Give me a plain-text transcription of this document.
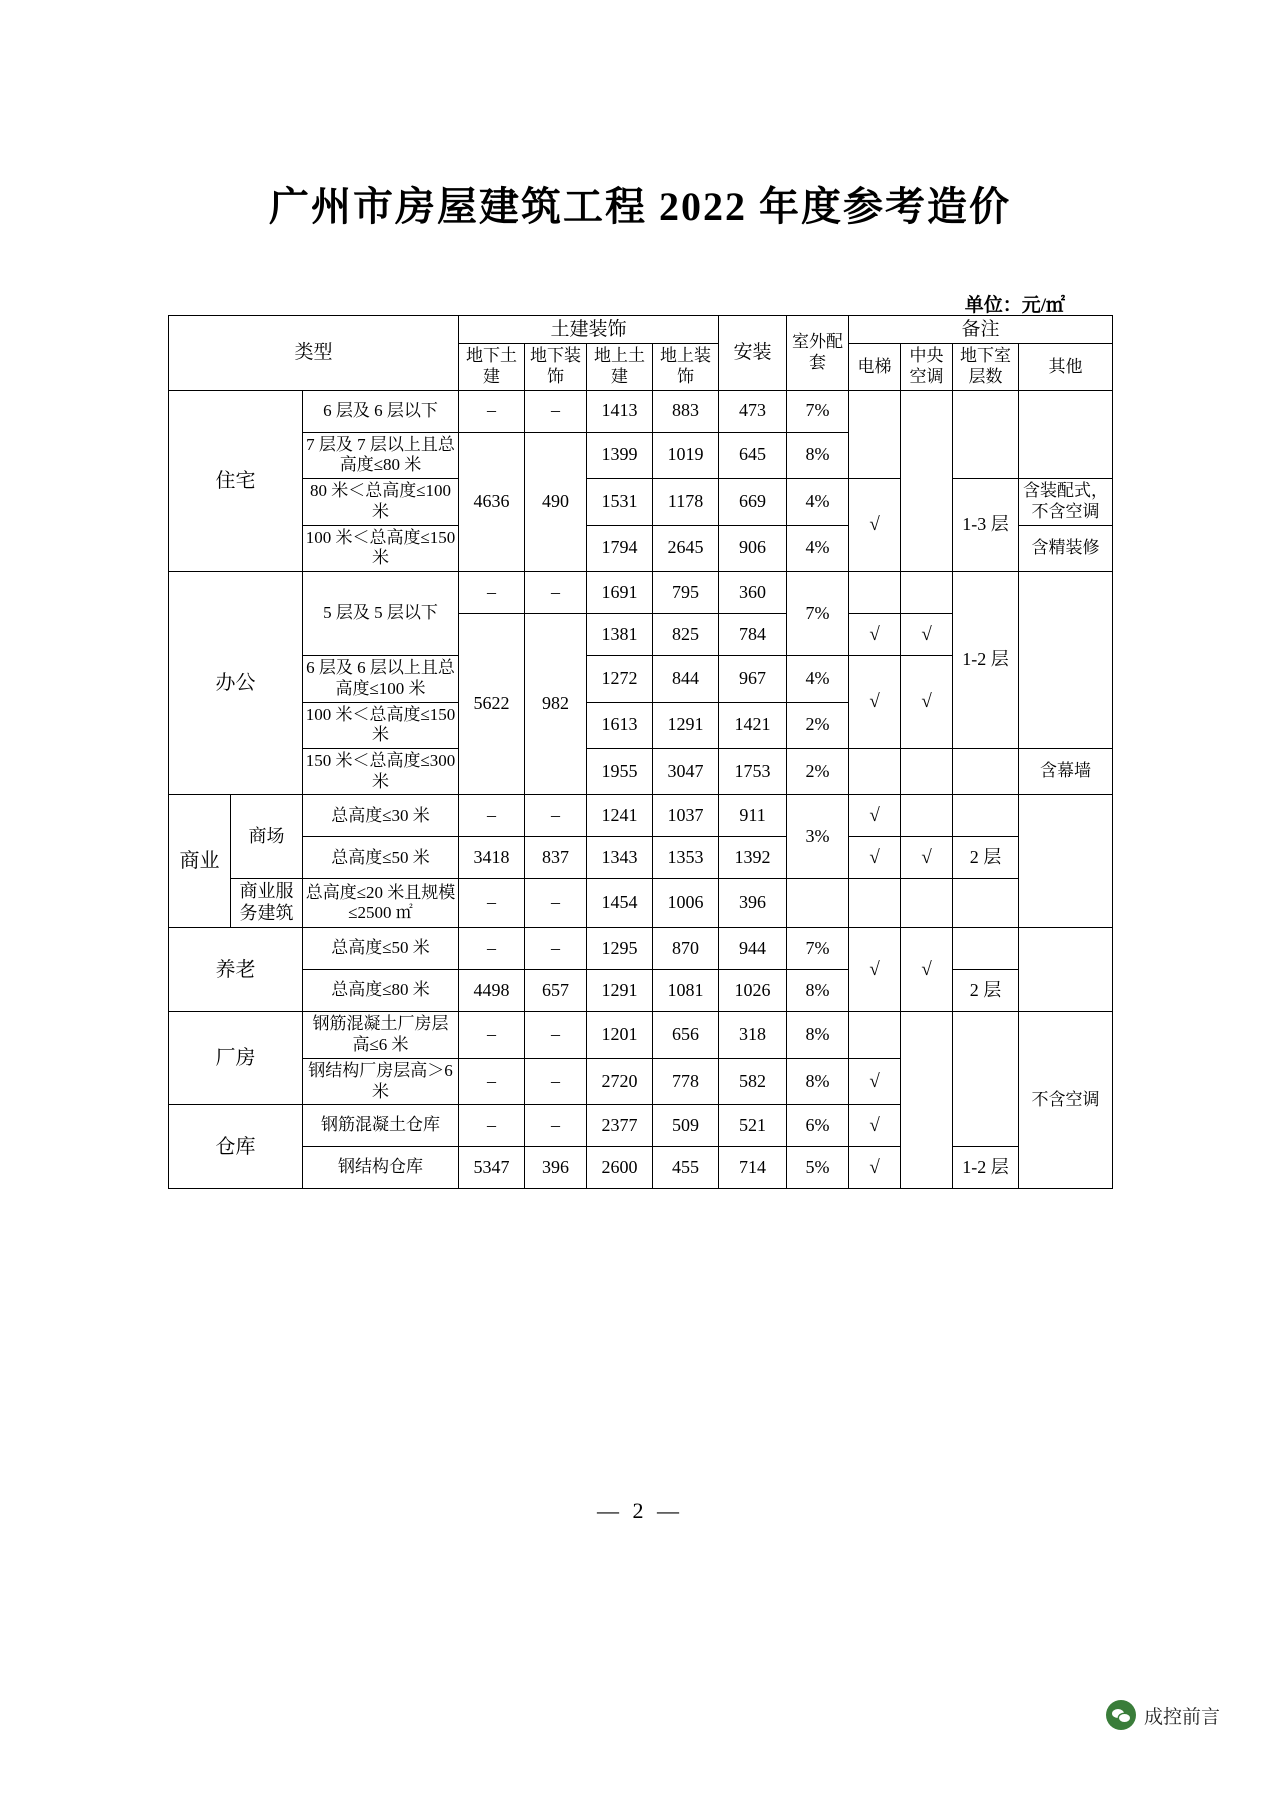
广州市房屋建筑工程 2022 年度参考造价
单位：元/㎡
类型			土建装饰				安装	室外配套	备注			
			地下土建	地下装饰	地上土建	地上装饰			电梯	中央空调	地下室层数	其他
住宅		6 层及 6 层以下	–	–	1413	883	473	7%				
		7 层及 7 层以上且总高度≤80 米	4636	490	1399	1019	645	8%				
		80 米＜总高度≤100 米			1531	1178	669	4%	√		1-3 层	含装配式，不含空调
		100 米＜总高度≤150 米			1794	2645	906	4%				含精装修
办公		5 层及 5 层以下	–	–	1691	795	360	7%			1-2 层	
			5622	982	1381	825	784		√	√		
		6 层及 6 层以上且总高度≤100 米			1272	844	967	4%	√	√		
		100 米＜总高度≤150 米			1613	1291	1421	2%				
		150 米＜总高度≤300 米			1955	3047	1753	2%				含幕墙
商业	商场	总高度≤30 米	–	–	1241	1037	911	3%	√			
		总高度≤50 米	3418	837	1343	1353	1392		√	√	2 层	
	商业服务建筑	总高度≤20 米且规模≤2500 ㎡	–	–	1454	1006	396					
养老		总高度≤50 米	–	–	1295	870	944	7%	√	√		
		总高度≤80 米	4498	657	1291	1081	1026	8%			2 层	
厂房		钢筋混凝土厂房层高≤6 米	–	–	1201	656	318	8%				不含空调
		钢结构厂房层高＞6 米	–	–	2720	778	582	8%	√			
仓库		钢筋混凝土仓库	–	–	2377	509	521	6%	√			
		钢结构仓库	5347	396	2600	455	714	5%	√		1-2 层	
— 2 —
成控前言
